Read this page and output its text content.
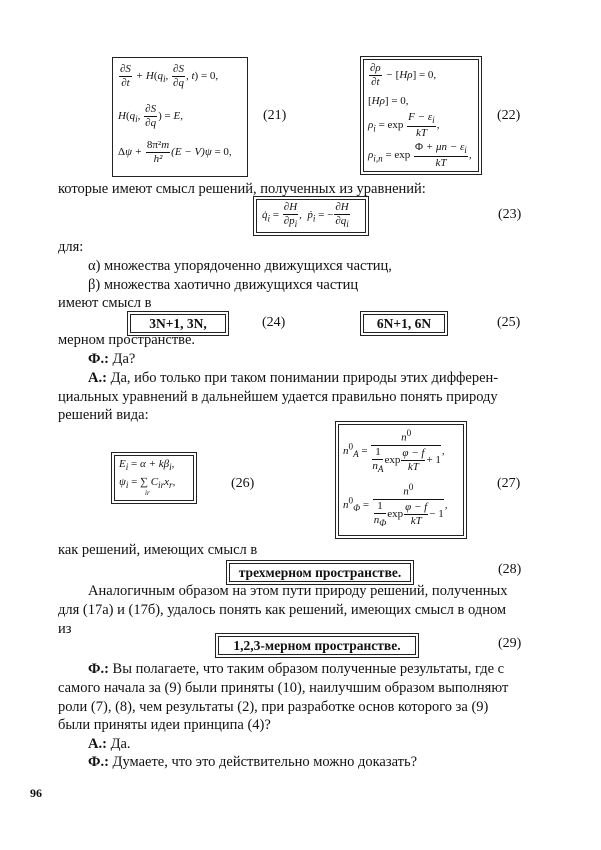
$\frac{\partial S}{\partial t} + H(q_i$, $\frac{\partial S}{\partial q}$ , t) = 0,
$H(q_i$, $\frac{\partial S}{\partial q}$ ) = E,
$\Delta\psi + \frac{\text{8π²m}}{\text{h²}} (E - V)\psi = 0$,
(21)
$\frac{\partial\rho}{\partial t} - [H\rho] = 0$,
[Hρ] = 0,
$\rho_i = \exp \frac{F - \varepsilon_i}{kT}$ ,
$\rho_{i,n} = \exp \frac{\Phi + \mu n - \varepsilon_i}{kT}$ ,
(22)
которые имеют смысл решений, полученных из уравнений:
$q̇_i = \frac{\partial H}{\partial p_i}$ ,  ṗ$_i$ = − $\frac{\partial H}{\partial q_i}$	(23)
для:
α) множества упорядоченно движущихся частиц,
β) множества хаотично движущихся частиц
имеют смысл в
3N+1, 3N,	(24)	6N+1, 6N	(25)
мерном пространстве.
Ф.: Да?
А.: Да, ибо только при таком понимании природы этих дифферен-
циальных уравнений в дальнейшем удается правильно понять природу
решений вида:
$E_i = \alpha + k\beta_i$,
$\psi_i$ = ∑ $C_{ir}x_r$,
ir
(26)
$n^0_A$ =
$n^0$
$\frac{1}{n_A}$ $\exp \frac{\varphi - f}{kT} + 1$
,
$n^0_\Phi$ =
$n^0$
$\frac{1}{n_\Phi}$ $\exp \frac{\varphi - f}{kT} - 1$
,
(27)
как решений, имеющих смысл в
трехмерном пространстве.	(28)
Аналогичным образом на этом пути природу решений, полученных
для (17а) и (17б), удалось понять как решений, имеющих смысл в одном
из
1,2,3-мерном пространстве.	(29)
Ф.: Вы полагаете, что таким образом полученные результаты, где с
самого начала за (9) были приняты (10), наилучшим образом выполняют
роли (7), (8), чем результаты (2), при разработке основ которого за (9)
были приняты идеи принципа (4)?
А.: Да.
Ф.: Думаете, что это действительно можно доказать?
96
